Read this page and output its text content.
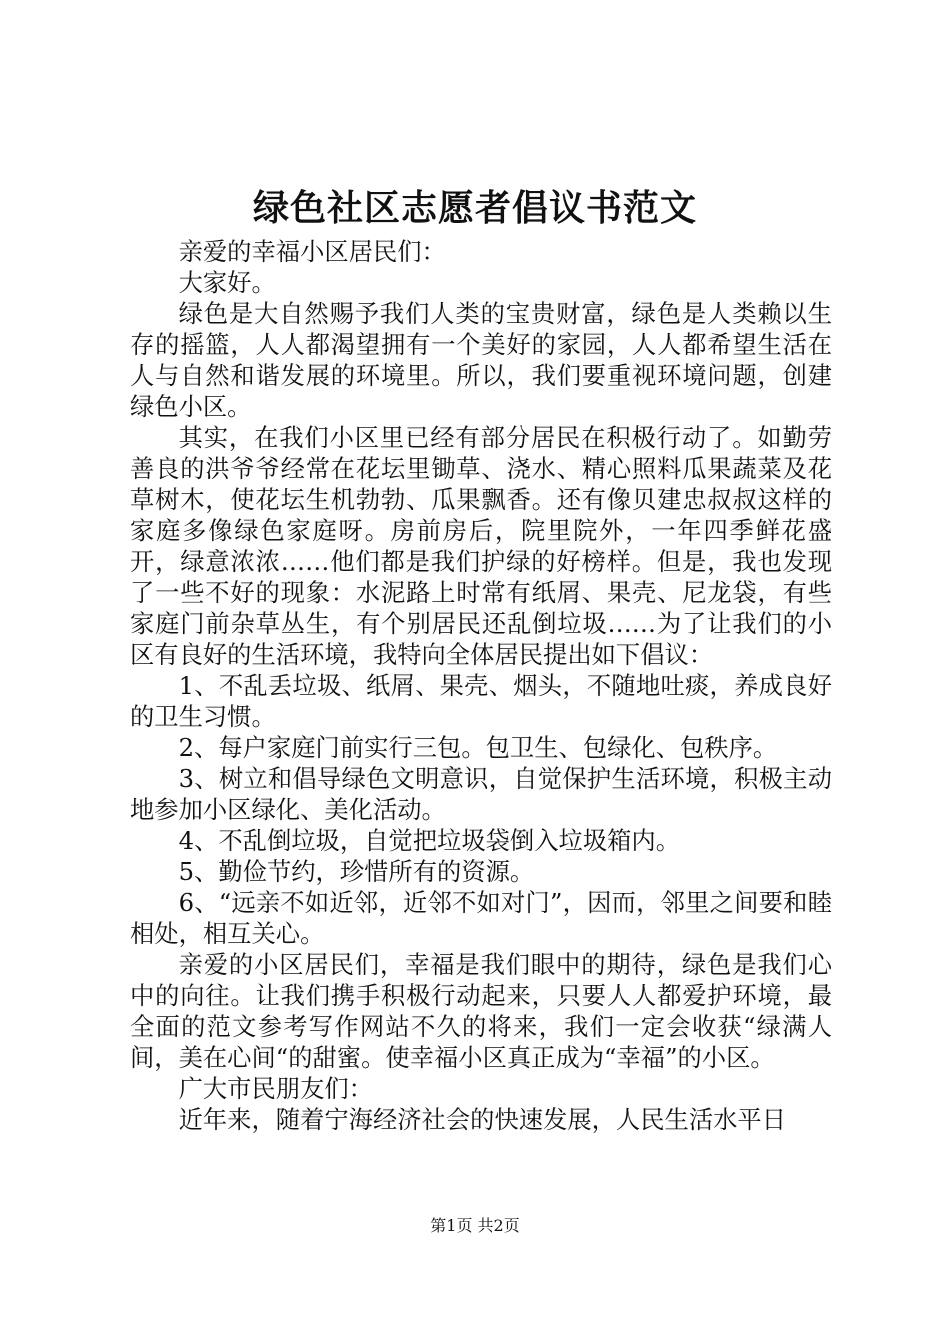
绿色社区志愿者倡议书范文

亲爱的幸福小区居民们：

大家好。

绿色是大自然赐予我们人类的宝贵财富，绿色是人类赖以生存的摇篮，人人都渴望拥有一个美好的家园，人人都希望生活在人与自然和谐发展的环境里。所以，我们要重视环境问题，创建绿色小区。

其实，在我们小区里已经有部分居民在积极行动了。如勤劳善良的洪爷爷经常在花坛里锄草、浇水、精心照料瓜果蔬菜及花草树木，使花坛生机勃勃、瓜果飘香。还有像贝建忠叔叔这样的家庭多像绿色家庭呀。房前房后，院里院外，一年四季鲜花盛开，绿意浓浓……他们都是我们护绿的好榜样。但是，我也发现了一些不好的现象：水泥路上时常有纸屑、果壳、尼龙袋，有些家庭门前杂草丛生，有个别居民还乱倒垃圾……为了让我们的小区有良好的生活环境，我特向全体居民提出如下倡议：

1、不乱丢垃圾、纸屑、果壳、烟头，不随地吐痰，养成良好的卫生习惯。

2、每户家庭门前实行三包。包卫生、包绿化、包秩序。

3、树立和倡导绿色文明意识，自觉保护生活环境，积极主动地参加小区绿化、美化活动。

4、不乱倒垃圾，自觉把垃圾袋倒入垃圾箱内。

5、勤俭节约，珍惜所有的资源。

6、“远亲不如近邻，近邻不如对门”，因而，邻里之间要和睦相处，相互关心。

亲爱的小区居民们，幸福是我们眼中的期待，绿色是我们心中的向往。让我们携手积极行动起来，只要人人都爱护环境，最全面的范文参考写作网站不久的将来，我们一定会收获“绿满人间，美在心间“的甜蜜。使幸福小区真正成为“幸福”的小区。

广大市民朋友们：

近年来，随着宁海经济社会的快速发展，人民生活水平日

第1页 共2页
